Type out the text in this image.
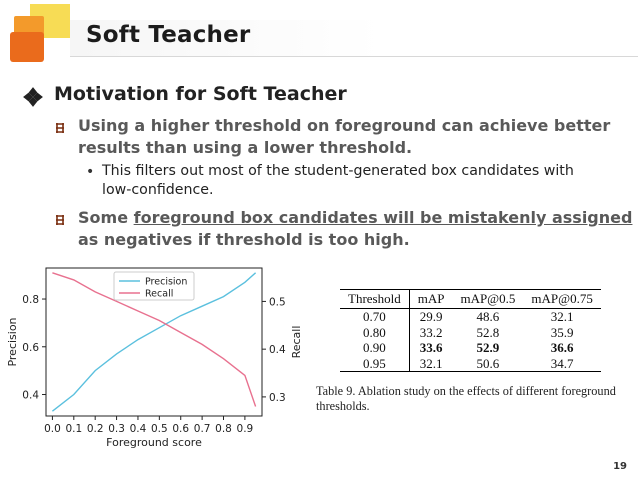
Soft Teacher
Motivation for Soft Teacher
Using a higher threshold on foreground can achieve better
results than using a lower threshold.
• This filters out most of the student-generated box candidates with
low-confidence.
Some foreground box candidates will be mistakenly assigned
as negatives if threshold is too high.
0.0 0.1 0.2 0.3 0.4 0.5 0.6 0.7 0.8 0.9
0.4
0.6
0.8
0.3
0.4
0.5
Foreground score
Precision	Recall
Precision
Recall	Threshold	mAP	mAP@0.5	mAP@0.75
0.70	29.9	48.6	32.1
0.80	33.2	52.8	35.9
0.90	33.6	52.9	36.6
0.95	32.1	50.6	34.7
Table 9. Ablation study on the effects of different foreground
thresholds.
19
